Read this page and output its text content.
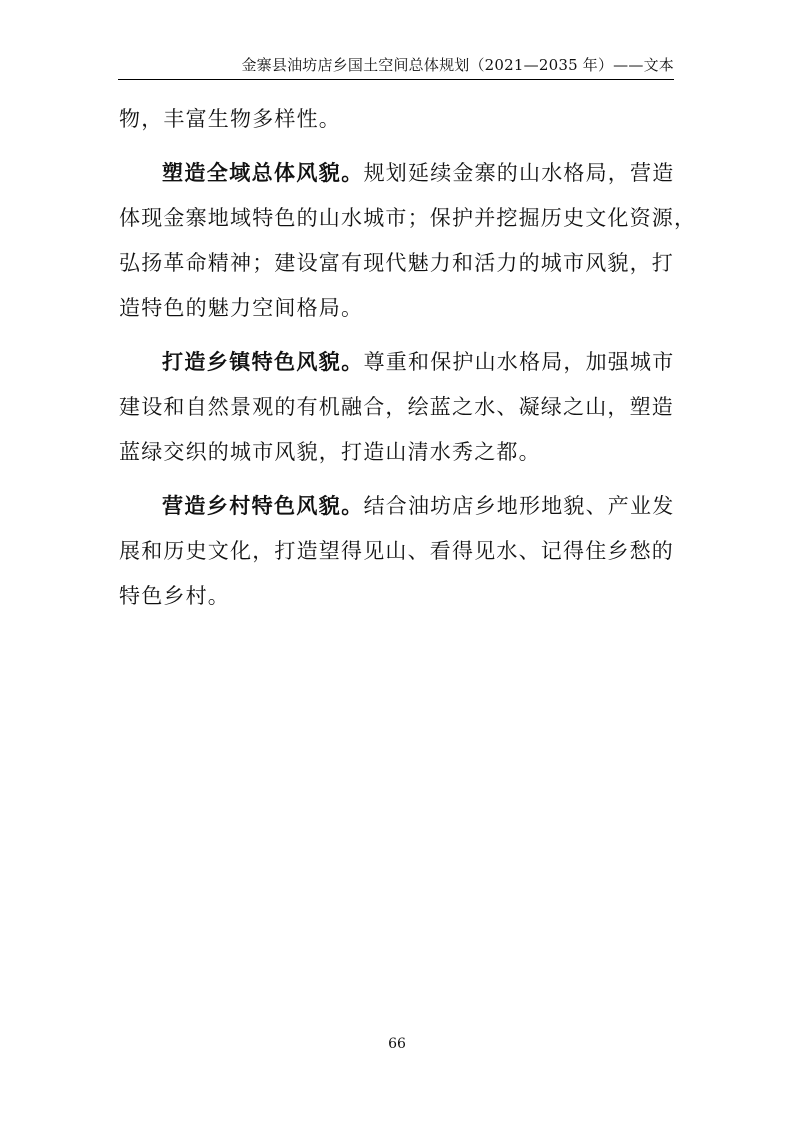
金寨县油坊店乡国土空间总体规划（2021—2035 年）——文本
物，丰富生物多样性。
塑造全域总体风貌。规划延续金寨的山水格局，营造
体现金寨地域特色的山水城市；保护并挖掘历史文化资源，
弘扬革命精神；建设富有现代魅力和活力的城市风貌，打
造特色的魅力空间格局。
打造乡镇特色风貌。尊重和保护山水格局，加强城市
建设和自然景观的有机融合，绘蓝之水、凝绿之山，塑造
蓝绿交织的城市风貌，打造山清水秀之都。
营造乡村特色风貌。结合油坊店乡地形地貌、产业发
展和历史文化，打造望得见山、看得见水、记得住乡愁的
特色乡村。
66
